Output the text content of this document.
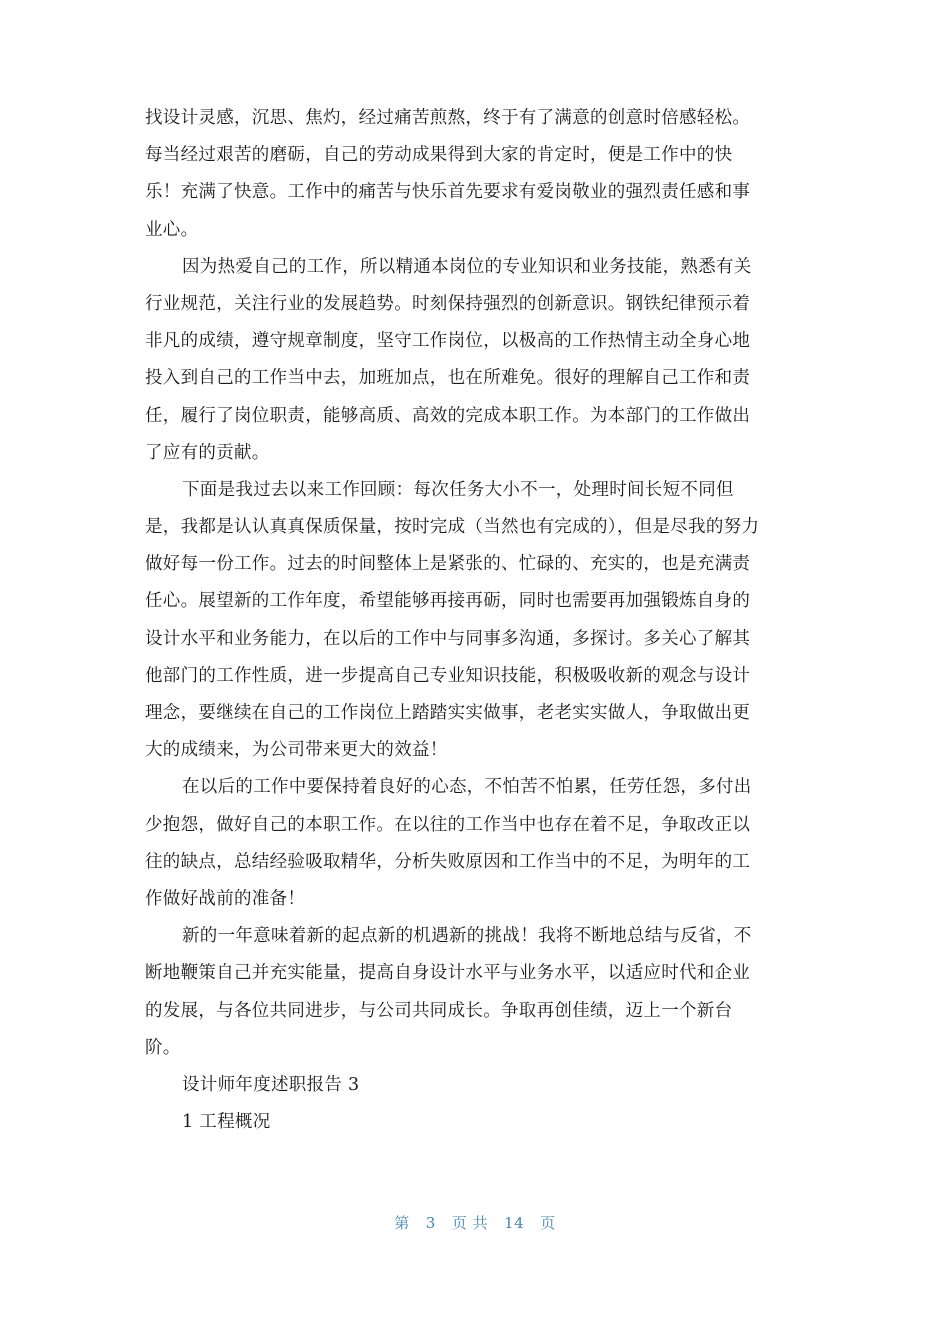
找设计灵感，沉思、焦灼，经过痛苦煎熬，终于有了满意的创意时倍感轻松。
每当经过艰苦的磨砺，自己的劳动成果得到大家的肯定时，便是工作中的快
乐！充满了快意。工作中的痛苦与快乐首先要求有爱岗敬业的强烈责任感和事
业心。
因为热爱自己的工作，所以精通本岗位的专业知识和业务技能，熟悉有关
行业规范，关注行业的发展趋势。时刻保持强烈的创新意识。钢铁纪律预示着
非凡的成绩，遵守规章制度，坚守工作岗位，以极高的工作热情主动全身心地
投入到自己的工作当中去，加班加点，也在所难免。很好的理解自己工作和责
任，履行了岗位职责，能够高质、高效的完成本职工作。为本部门的工作做出
了应有的贡献。
下面是我过去以来工作回顾：每次任务大小不一，处理时间长短不同但
是，我都是认认真真保质保量，按时完成（当然也有完成的），但是尽我的努力
做好每一份工作。过去的时间整体上是紧张的、忙碌的、充实的，也是充满责
任心。展望新的工作年度，希望能够再接再砺，同时也需要再加强锻炼自身的
设计水平和业务能力，在以后的工作中与同事多沟通，多探讨。多关心了解其
他部门的工作性质，进一步提高自己专业知识技能，积极吸收新的观念与设计
理念，要继续在自己的工作岗位上踏踏实实做事，老老实实做人，争取做出更
大的成绩来，为公司带来更大的效益！
在以后的工作中要保持着良好的心态，不怕苦不怕累，任劳任怨，多付出
少抱怨，做好自己的本职工作。在以往的工作当中也存在着不足，争取改正以
往的缺点，总结经验吸取精华，分析失败原因和工作当中的不足，为明年的工
作做好战前的准备！
新的一年意味着新的起点新的机遇新的挑战！我将不断地总结与反省，不
断地鞭策自己并充实能量，提高自身设计水平与业务水平，以适应时代和企业
的发展，与各位共同进步，与公司共同成长。争取再创佳绩，迈上一个新台
阶。
设计师年度述职报告 3
1 工程概况
第 3 页 共 14 页
